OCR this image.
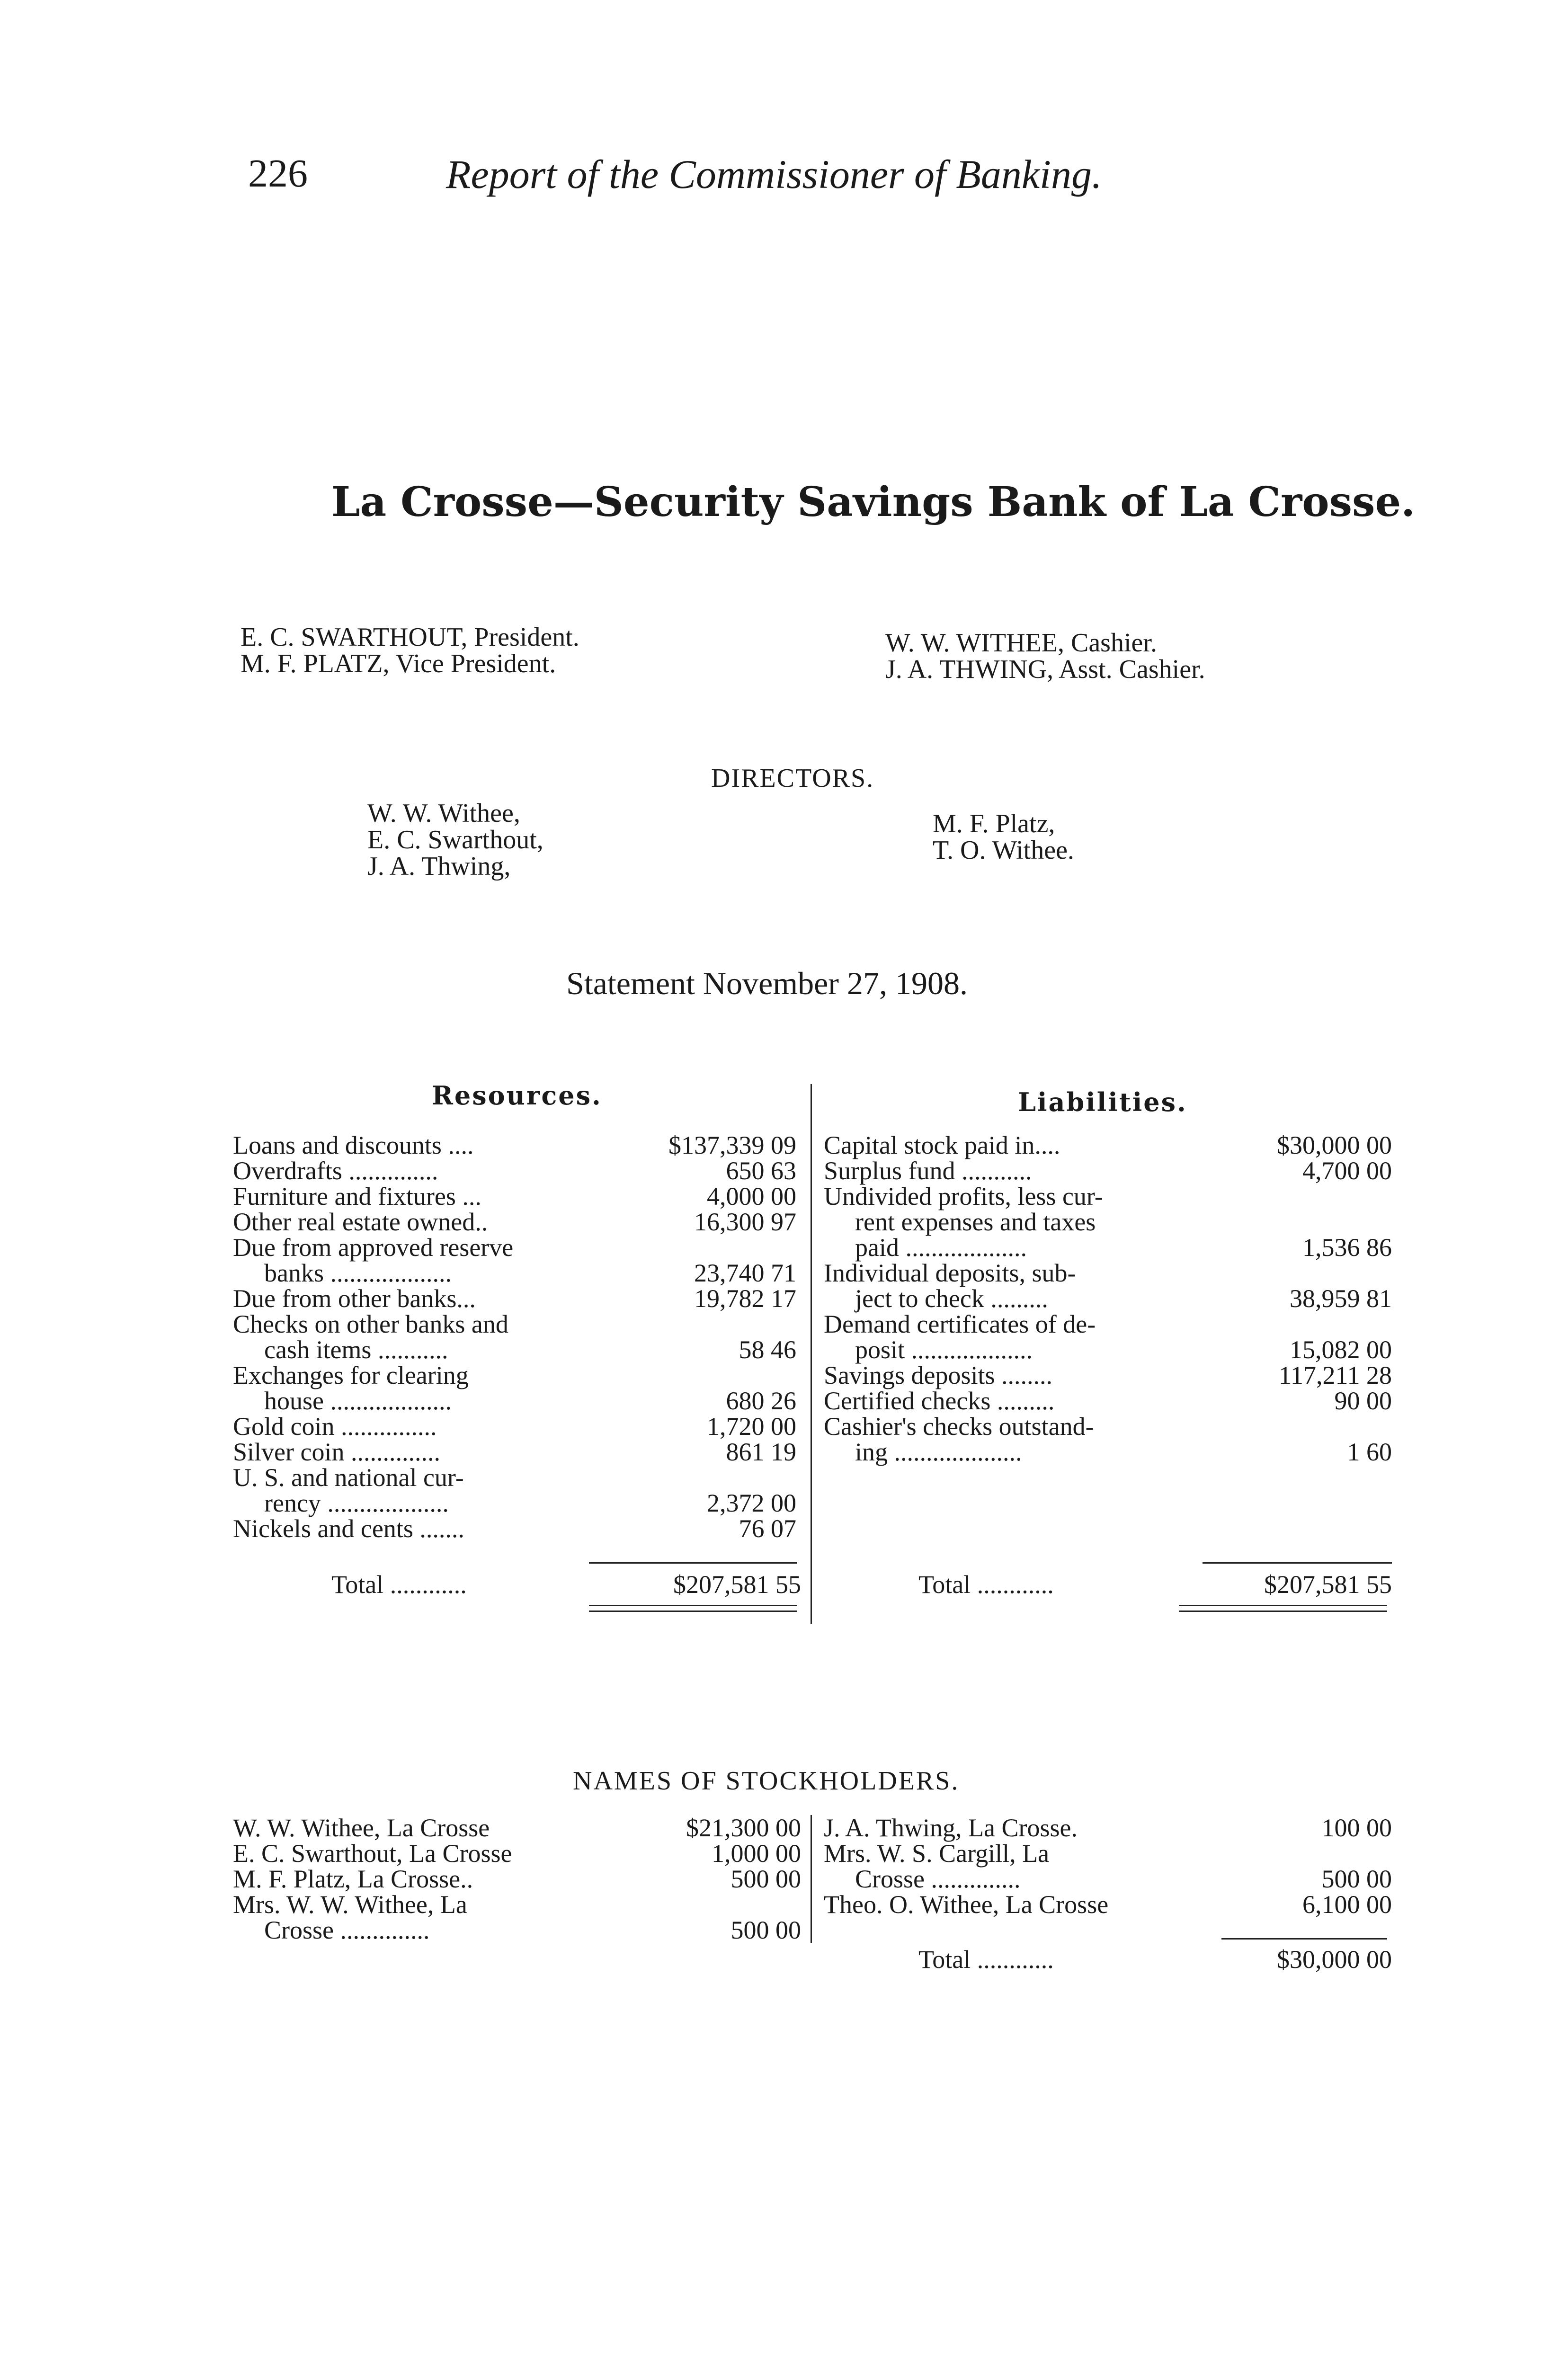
226	Report of the Commissioner of Banking.
La Crosse—Security Savings Bank of La Crosse.
E. C. SWARTHOUT, President.
M. F. PLATZ, Vice President.
W. W. WITHEE, Cashier.
J. A. THWING, Asst. Cashier.
DIRECTORS.
W. W. Withee,
E. C. Swarthout,
J. A. Thwing,
M. F. Platz,
T. O. Withee.
Statement November 27, 1908.
Resources.	Liabilities.
Loans and discounts ....	$137,339 09
Overdrafts ..............	650 63
Furniture and fixtures ...	4,000 00
Other real estate owned..	16,300 97
Due from approved reserve
banks ...................	23,740 71
Due from other banks...	19,782 17
Checks on other banks and
cash items ...........	58 46
Exchanges for clearing
house ...................	680 26
Gold coin ...............	1,720 00
Silver coin ..............	861 19
U. S. and national cur-
rency ...................	2,372 00
Nickels and cents .......	76 07
Capital stock paid in....	$30,000 00
Surplus fund ...........	4,700 00
Undivided profits, less cur-
rent expenses and taxes
paid ...................	1,536 86
Individual deposits, sub-
ject to check .........	38,959 81
Demand certificates of de-
posit ...................	15,082 00
Savings deposits ........	117,211 28
Certified checks .........	90 00
Cashier's checks outstand-
ing ....................	1 60
Total ............	$207,581 55	Total ............	$207,581 55
NAMES OF STOCKHOLDERS.
W. W. Withee, La Crosse	$21,300 00
E. C. Swarthout, La Crosse	1,000 00
M. F. Platz, La Crosse..	500 00
Mrs. W. W. Withee, La
Crosse ..............	500 00
J. A. Thwing, La Crosse.	100 00
Mrs. W. S. Cargill, La
Crosse ..............	500 00
Theo. O. Withee, La Crosse	6,100 00
Total ............	$30,000 00
